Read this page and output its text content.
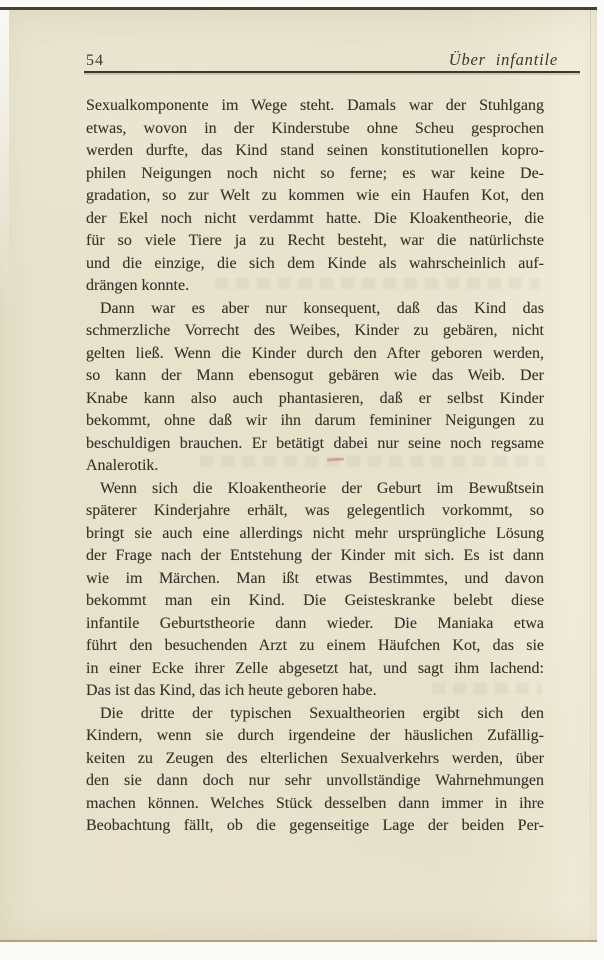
54	Über infantile
Sexualkomponente im Wege steht. Damals war der Stuhlgang
etwas, wovon in der Kinderstube ohne Scheu gesprochen
werden durfte, das Kind stand seinen konstitutionellen kopro-
philen Neigungen noch nicht so ferne; es war keine De-
gradation, so zur Welt zu kommen wie ein Haufen Kot, den
der Ekel noch nicht verdammt hatte. Die Kloakentheorie, die
für so viele Tiere ja zu Recht besteht, war die natürlichste
und die einzige, die sich dem Kinde als wahrscheinlich auf-
drängen konnte.
Dann war es aber nur konsequent, daß das Kind das
schmerzliche Vorrecht des Weibes, Kinder zu gebären, nicht
gelten ließ. Wenn die Kinder durch den After geboren werden,
so kann der Mann ebensogut gebären wie das Weib. Der
Knabe kann also auch phantasieren, daß er selbst Kinder
bekommt, ohne daß wir ihn darum femininer Neigungen zu
beschuldigen brauchen. Er betätigt dabei nur seine noch regsame
Analerotik.
Wenn sich die Kloakentheorie der Geburt im Bewußtsein
späterer Kinderjahre erhält, was gelegentlich vorkommt, so
bringt sie auch eine allerdings nicht mehr ursprüngliche Lösung
der Frage nach der Entstehung der Kinder mit sich. Es ist dann
wie im Märchen. Man ißt etwas Bestimmtes, und davon
bekommt man ein Kind. Die Geisteskranke belebt diese
infantile Geburtstheorie dann wieder. Die Maniaka etwa
führt den besuchenden Arzt zu einem Häufchen Kot, das sie
in einer Ecke ihrer Zelle abgesetzt hat, und sagt ihm lachend:
Das ist das Kind, das ich heute geboren habe.
Die dritte der typischen Sexualtheorien ergibt sich den
Kindern, wenn sie durch irgendeine der häuslichen Zufällig-
keiten zu Zeugen des elterlichen Sexualverkehrs werden, über
den sie dann doch nur sehr unvollständige Wahrnehmungen
machen können. Welches Stück desselben dann immer in ihre
Beobachtung fällt, ob die gegenseitige Lage der beiden Per-
